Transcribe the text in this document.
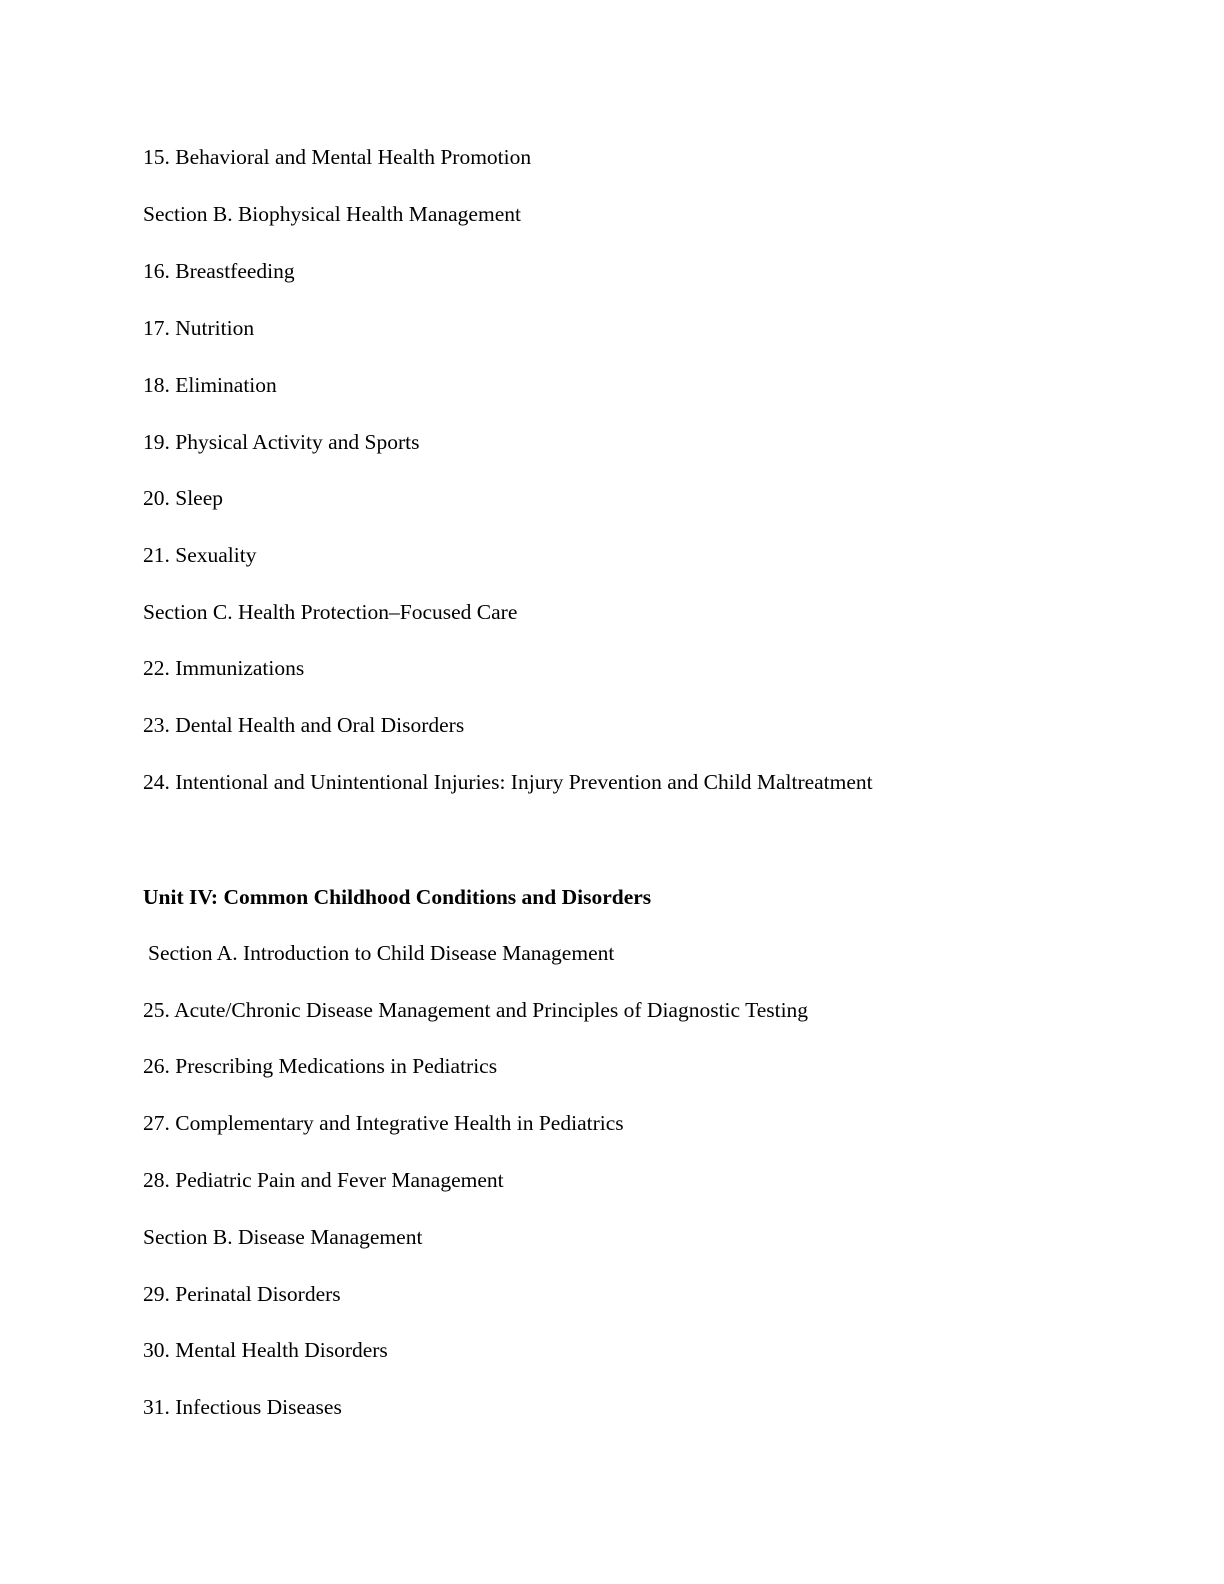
15. Behavioral and Mental Health Promotion
Section B. Biophysical Health Management
16. Breastfeeding
17. Nutrition
18. Elimination
19. Physical Activity and Sports
20. Sleep
21. Sexuality
Section C. Health Protection–Focused Care
22. Immunizations
23. Dental Health and Oral Disorders
24. Intentional and Unintentional Injuries: Injury Prevention and Child Maltreatment
Unit IV: Common Childhood Conditions and Disorders
Section A. Introduction to Child Disease Management
25. Acute/Chronic Disease Management and Principles of Diagnostic Testing
26. Prescribing Medications in Pediatrics
27. Complementary and Integrative Health in Pediatrics
28. Pediatric Pain and Fever Management
Section B. Disease Management
29. Perinatal Disorders
30. Mental Health Disorders
31. Infectious Diseases
